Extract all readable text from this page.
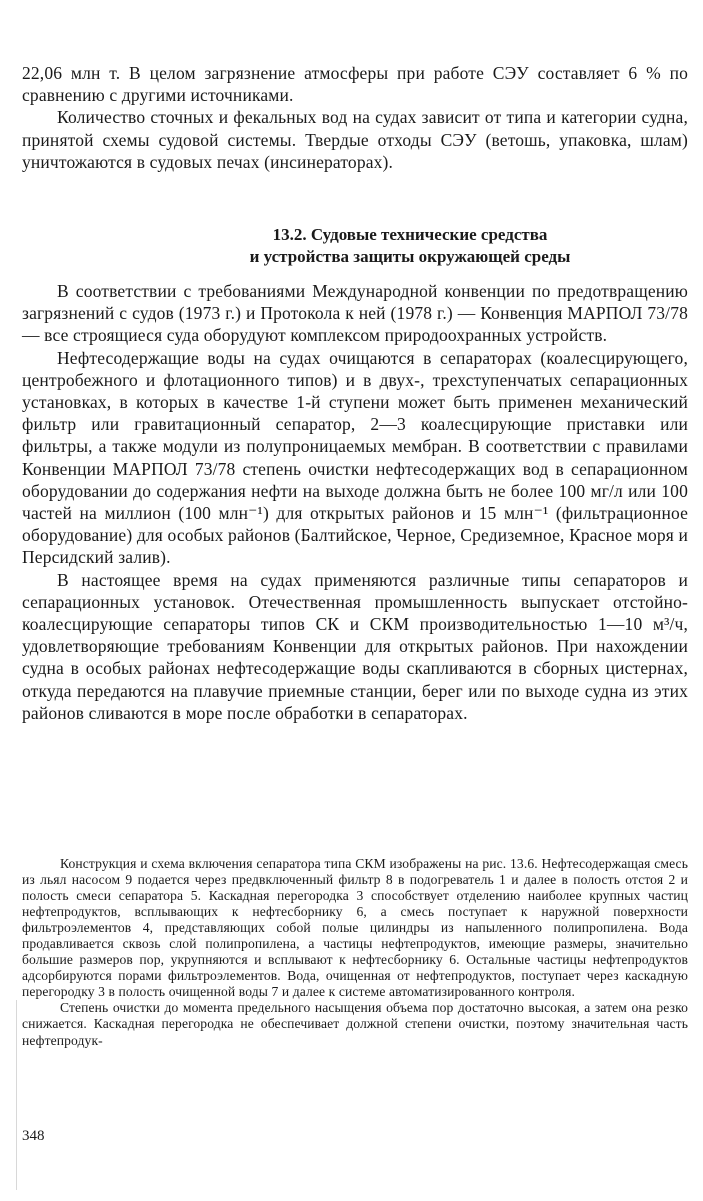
22,06 млн т. В целом загрязнение атмосферы при работе СЭУ составляет 6 % по сравнению с другими источниками.

Количество сточных и фекальных вод на судах зависит от типа и категории судна, принятой схемы судовой системы. Твердые отходы СЭУ (ветошь, упаковка, шлам) уничтожаются в судовых печах (инсинераторах).

13.2. Судовые технические средства
и устройства защиты окружающей среды

В соответствии с требованиями Международной конвенции по предотвращению загрязнений с судов (1973 г.) и Протокола к ней (1978 г.) — Конвенция МАРПОЛ 73/78 — все строящиеся суда оборудуют комплексом природоохранных устройств.

Нефтесодержащие воды на судах очищаются в сепараторах (коалесцирующего, центробежного и флотационного типов) и в двух-, трехступенчатых сепарационных установках, в которых в качестве 1-й ступени может быть применен механический фильтр или гравитационный сепаратор, 2—3 коалесцирующие приставки или фильтры, а также модули из полупроницаемых мембран. В соответствии с правилами Конвенции МАРПОЛ 73/78 степень очистки нефтесодержащих вод в сепарационном оборудовании до содержания нефти на выходе должна быть не более 100 мг/л или 100 частей на миллион (100 млн⁻¹) для открытых районов и 15 млн⁻¹ (фильтрационное оборудование) для особых районов (Балтийское, Черное, Средиземное, Красное моря и Персидский залив).

В настоящее время на судах применяются различные типы сепараторов и сепарационных установок. Отечественная промышленность выпускает отстойно-коалесцирующие сепараторы типов СК и СКМ производительностью 1—10 м³/ч, удовлетворяющие требованиям Конвенции для открытых районов. При нахождении судна в особых районах нефтесодержащие воды скапливаются в сборных цистернах, откуда передаются на плавучие приемные станции, берег или по выходе судна из этих районов сливаются в море после обработки в сепараторах.

Конструкция и схема включения сепаратора типа СКМ изображены на рис. 13.6. Нефтесодержащая смесь из льял насосом 9 подается через предвключенный фильтр 8 в подогреватель 1 и далее в полость отстоя 2 и полость смеси сепаратора 5. Каскадная перегородка 3 способствует отделению наиболее крупных частиц нефтепродуктов, всплывающих к нефтесборнику 6, а смесь поступает к наружной поверхности фильтроэлементов 4, представляющих собой полые цилиндры из напыленного полипропилена. Вода продавливается сквозь слой полипропилена, а частицы нефтепродуктов, имеющие размеры, значительно большие размеров пор, укрупняются и всплывают к нефтесборнику 6. Остальные частицы нефтепродуктов адсорбируются порами фильтроэлементов. Вода, очищенная от нефтепродуктов, поступает через каскадную перегородку 3 в полость очищенной воды 7 и далее к системе автоматизированного контроля.

Степень очистки до момента предельного насыщения объема пор достаточно высокая, а затем она резко снижается. Каскадная перегородка не обеспечивает должной степени очистки, поэтому значительная часть нефтепродук-

348
